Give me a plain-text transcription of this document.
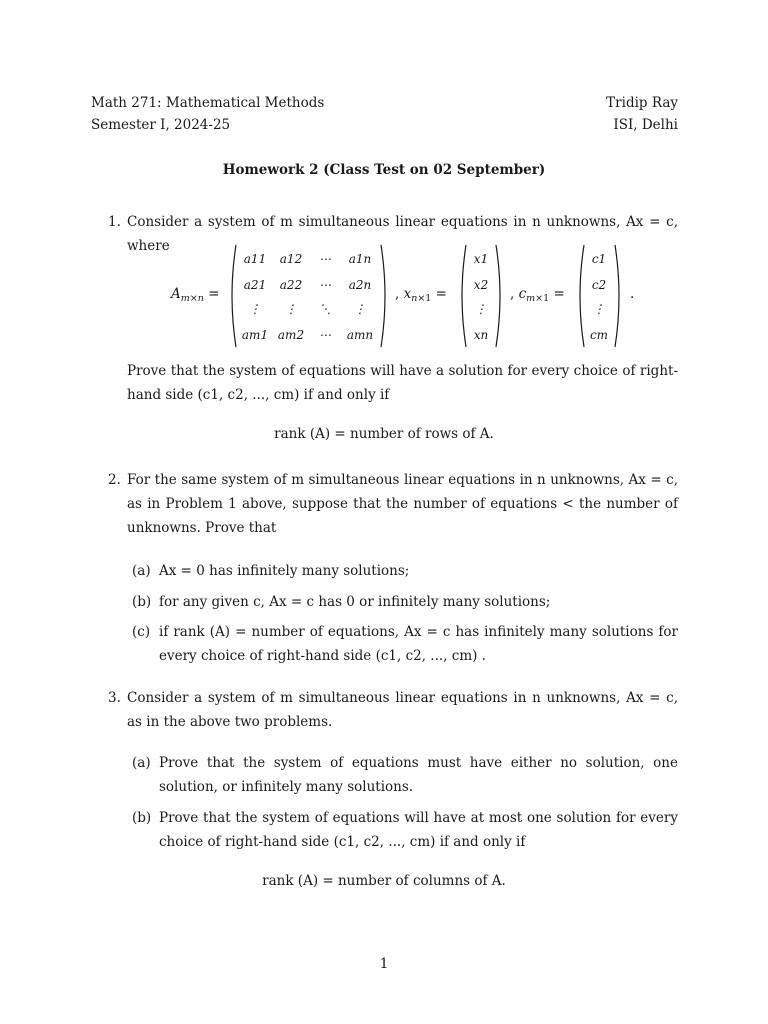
Math 271: Mathematical Methods	Tridip Ray
Semester I, 2024-25	ISI, Delhi
Homework 2 (Class Test on 02 September)
1. Consider a system of m simultaneous linear equations in n unknowns, Ax = c, where
$A_{m\times n}$ =
a11	a12	⋯	a1n
a21	a22	⋯	a2n
⋮	⋮	⋱	⋮
am1 am2	⋯	amn
, $x_{n\times 1}$ =
x1
x2
⋮
xn
, $c_{m\times 1}$ =
c1
c2
⋮
cm
.
Prove that the system of equations will have a solution for every choice of right-hand side (c1, c2, ..., cm) if and only if
rank (A) = number of rows of A.
2. For the same system of m simultaneous linear equations in n unknowns, Ax = c, as in Problem 1 above, suppose that the number of equations < the number of unknowns. Prove that
(a) Ax = 0 has infinitely many solutions;
(b) for any given c, Ax = c has 0 or infinitely many solutions;
(c) if rank (A) = number of equations, Ax = c has infinitely many solutions for every choice of right-hand side (c1, c2, ..., cm) .
3. Consider a system of m simultaneous linear equations in n unknowns, Ax = c, as in the above two problems.
(a) Prove that the system of equations must have either no solution, one solution, or infinitely many solutions.
(b) Prove that the system of equations will have at most one solution for every choice of right-hand side (c1, c2, ..., cm) if and only if
rank (A) = number of columns of A.
1
